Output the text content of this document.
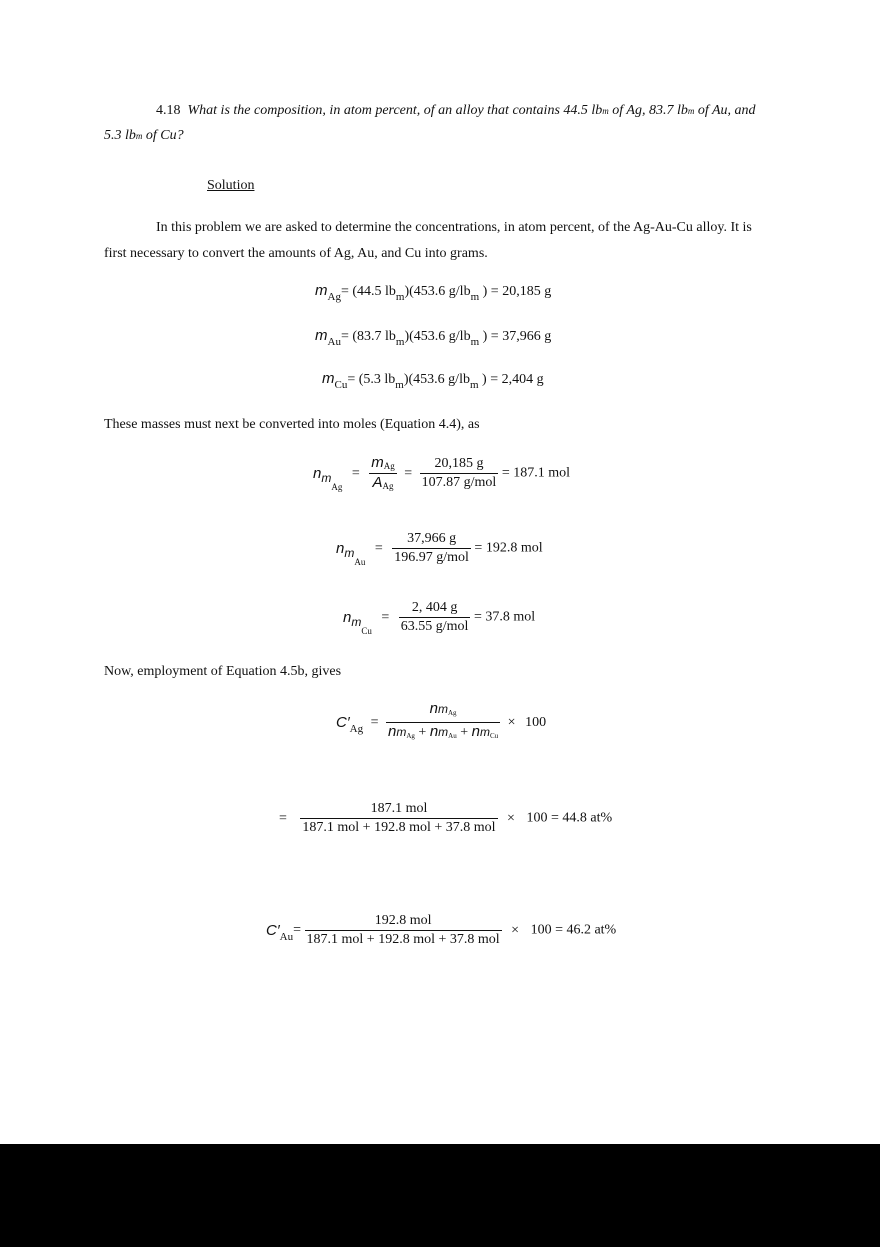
4.18 What is the composition, in atom percent, of an alloy that contains 44.5 lbm of Ag, 83.7 lbm of Au, and
5.3 lbm of Cu?
Solution
In this problem we are asked to determine the concentrations, in atom percent, of the Ag-Au-Cu alloy. It is
first necessary to convert the amounts of Ag, Au, and Cu into grams.
$m_{Ag}= (44.5$ $lb_m)(453.6$ $g/lb_m$ ) = 20,185 g
$m_{Au}= (83.7$ $lb_m)(453.6$ $g/lb_m$ ) = 37,966 g
$m_{Cu}= (5.3$ $lb_m)(453.6$ $g/lb_m$ ) = 2,404 g
These masses must next be converted into moles (Equation 4.4), as
$nm_{Ag} = \frac{\text{mAg}}{\text{AAg}} = \frac{20,185 g}{\text{107.87 g/mol}} = 187.1$ mol
$nm_{Au} = \frac{37,966 g}{\text{196.97 g/mol}} = 192.8$ mol
$nm_{Cu} = \frac{2, 404 g}{\text{63.55 g/mol}} = 37.8$ mol
Now, employment of Equation 4.5b, gives
$C'_{Ag} = \frac{\text{nmAg}}{\text{nmAg + nmAu + nmCu}} \times 100$
= $\frac{\text{187.1 mol}}{\text{187.1 mol + 192.8 mol + 37.8 mol}} \times 100 = 44.8$ at%
$C'_{Au}= \frac{\text{192.8 mol}}{\text{187.1 mol + 192.8 mol + 37.8 mol}} \times 100 = 46.2$ at%
